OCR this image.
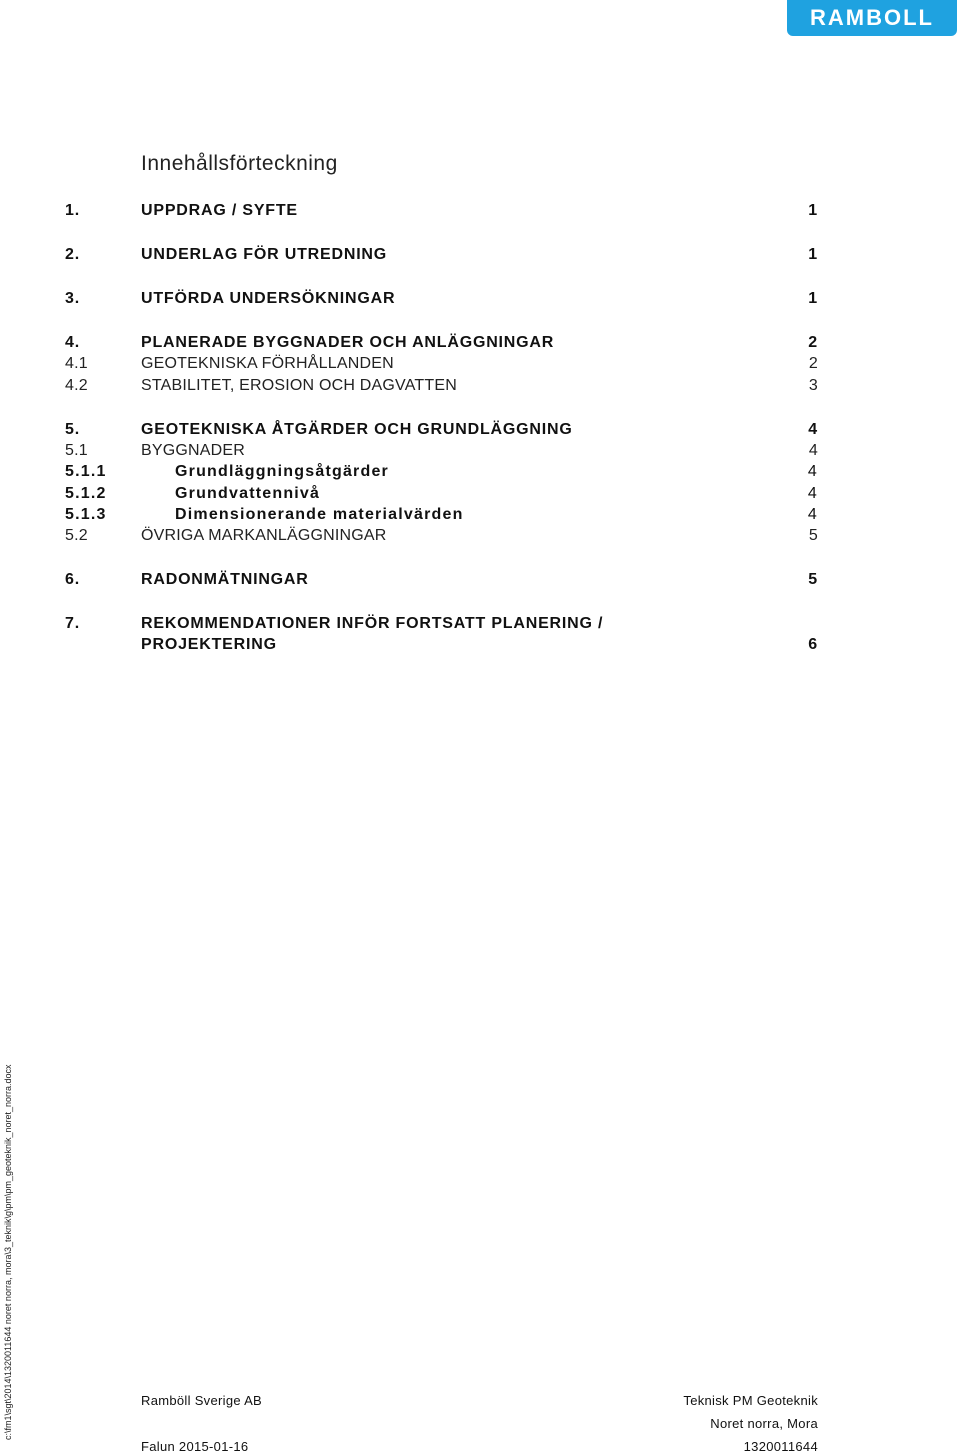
RAMBOLL
Innehållsförteckning
1.	UPPDRAG / SYFTE	1
2.	UNDERLAG FÖR UTREDNING	1
3.	UTFÖRDA UNDERSÖKNINGAR	1
4.	PLANERADE BYGGNADER OCH ANLÄGGNINGAR	2
4.1	GEOTEKNISKA FÖRHÅLLANDEN	2
4.2	STABILITET, EROSION OCH DAGVATTEN	3
5.	GEOTEKNISKA ÅTGÄRDER OCH GRUNDLÄGGNING	4
5.1	BYGGNADER	4
5.1.1	Grundläggningsåtgärder	4
5.1.2	Grundvattennivå	4
5.1.3	Dimensionerande materialvärden	4
5.2	ÖVRIGA MARKANLÄGGNINGAR	5
6.	RADONMÄTNINGAR	5
7.	REKOMMENDATIONER INFÖR FORTSATT PLANERING /
PROJEKTERING	6
c:\fm1\sgt\2014\1320011644 noret norra, mora\3_teknik\g\pm\pm_geoteknik_noret_norra.docx	Ramböll Sverige AB
Falun 2015-01-16
Teknisk PM Geoteknik
Noret norra, Mora
1320011644
